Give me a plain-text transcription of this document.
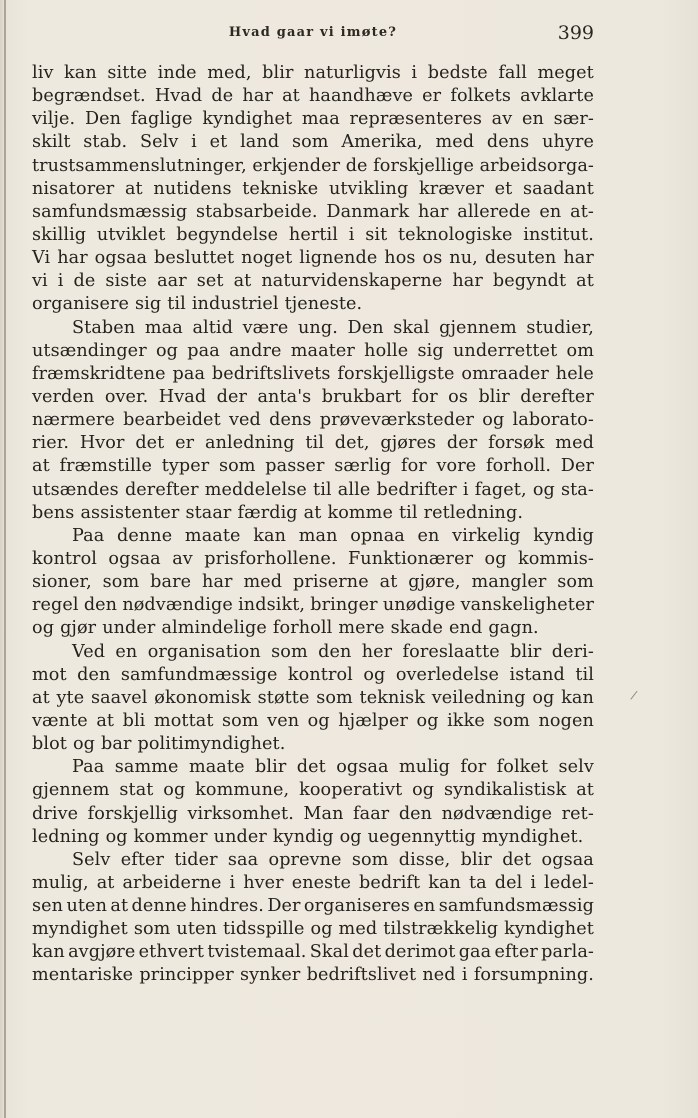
Hvad gaar vi imøte?	399
liv kan sitte inde med, blir naturligvis i bedste fall meget
begrændset. Hvad de har at haandhæve er folkets avklarte
vilje. Den faglige kyndighet maa repræsenteres av en sær-
skilt stab. Selv i et land som Amerika, med dens uhyre
trustsammenslutninger, erkjender de forskjellige arbeidsorga-
nisatorer at nutidens tekniske utvikling kræver et saadant
samfundsmæssig stabsarbeide. Danmark har allerede en at-
skillig utviklet begyndelse hertil i sit teknologiske institut.
Vi har ogsaa besluttet noget lignende hos os nu, desuten har
vi i de siste aar set at naturvidenskaperne har begyndt at
organisere sig til industriel tjeneste.
Staben maa altid være ung. Den skal gjennem studier,
utsændinger og paa andre maater holle sig underrettet om
fræmskridtene paa bedriftslivets forskjelligste omraader hele
verden over. Hvad der anta's brukbart for os blir derefter
nærmere bearbeidet ved dens prøveværksteder og laborato-
rier. Hvor det er anledning til det, gjøres der forsøk med
at fræmstille typer som passer særlig for vore forholl. Der
utsændes derefter meddelelse til alle bedrifter i faget, og sta-
bens assistenter staar færdig at komme til retledning.
Paa denne maate kan man opnaa en virkelig kyndig
kontrol ogsaa av prisforhollene. Funktionærer og kommis-
sioner, som bare har med priserne at gjøre, mangler som
regel den nødvændige indsikt, bringer unødige vanskeligheter
og gjør under almindelige forholl mere skade end gagn.
Ved en organisation som den her foreslaatte blir deri-
mot den samfundmæssige kontrol og overledelse istand til
at yte saavel økonomisk støtte som teknisk veiledning og kan
vænte at bli mottat som ven og hjælper og ikke som nogen
blot og bar politimyndighet.
Paa samme maate blir det ogsaa mulig for folket selv
gjennem stat og kommune, kooperativt og syndikalistisk at
drive forskjellig virksomhet. Man faar den nødvændige ret-
ledning og kommer under kyndig og uegennyttig myndighet.
Selv efter tider saa oprevne som disse, blir det ogsaa
mulig, at arbeiderne i hver eneste bedrift kan ta del i ledel-
sen uten at denne hindres. Der organiseres en samfundsmæssig
myndighet som uten tidsspille og med tilstrækkelig kyndighet
kan avgjøre ethvert tvistemaal. Skal det derimot gaa efter parla-
mentariske principper synker bedriftslivet ned i forsumpning.
/
